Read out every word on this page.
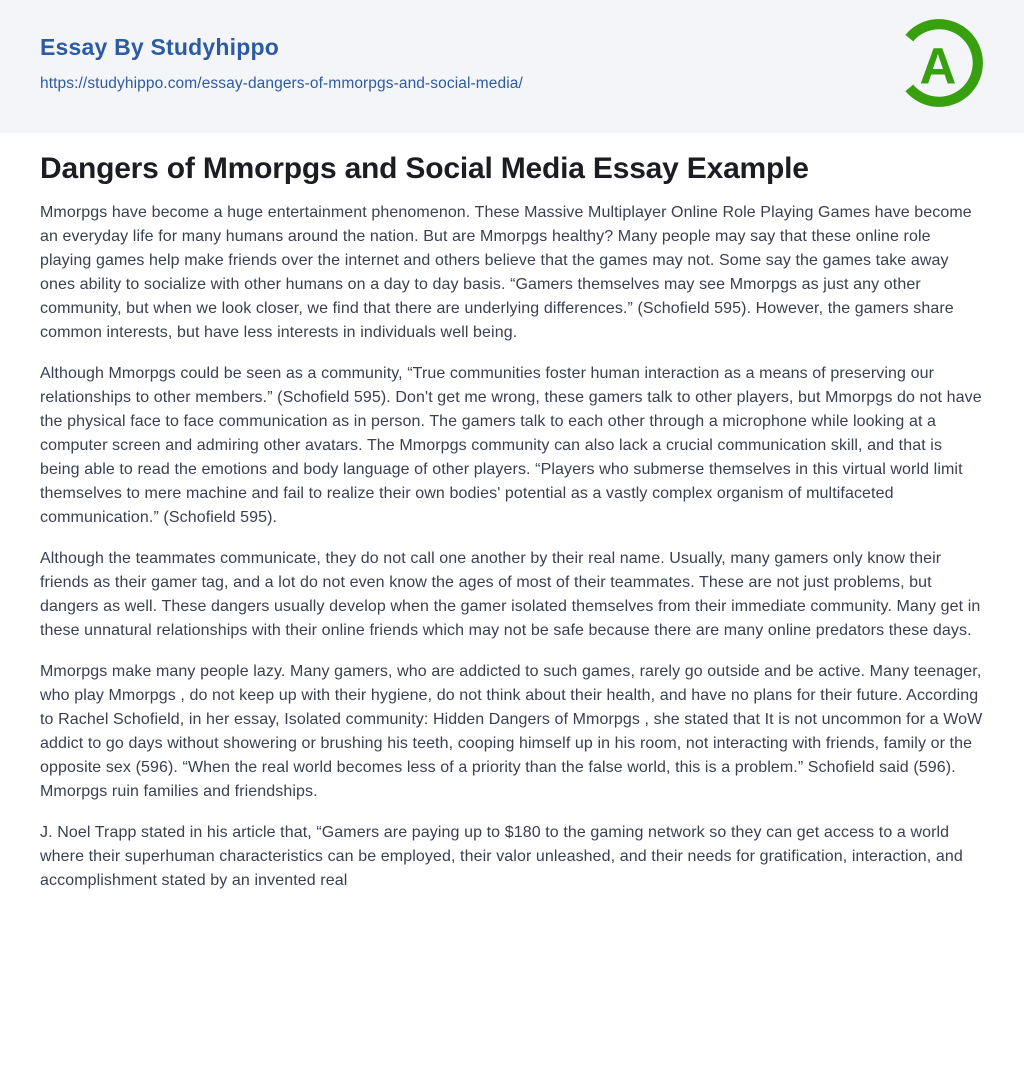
Essay By Studyhippo
https://studyhippo.com/essay-dangers-of-mmorpgs-and-social-media/	A
Dangers of Mmorpgs and Social Media Essay Example

Mmorpgs have become a huge entertainment phenomenon. These Massive Multiplayer Online Role Playing Games have become an everyday life for many humans around the nation. But are Mmorpgs healthy? Many people may say that these online role playing games help make friends over the internet and others believe that the games may not. Some say the games take away ones ability to socialize with other humans on a day to day basis. “Gamers themselves may see Mmorpgs as just any other community, but when we look closer, we find that there are underlying differences.” (Schofield 595). However, the gamers share common interests, but have less interests in individuals well being.

Although Mmorpgs could be seen as a community, “True communities foster human interaction as a means of preserving our relationships to other members.” (Schofield 595). Don't get me wrong, these gamers talk to other players, but Mmorpgs do not have the physical face to face communication as in person. The gamers talk to each other through a microphone while looking at a computer screen and admiring other avatars. The Mmorpgs community can also lack a crucial communication skill, and that is being able to read the emotions and body language of other players. “Players who submerse themselves in this virtual world limit themselves to mere machine and fail to realize their own bodies' potential as a vastly complex organism of multifaceted communication.” (Schofield 595).

Although the teammates communicate, they do not call one another by their real name. Usually, many gamers only know their friends as their gamer tag, and a lot do not even know the ages of most of their teammates. These are not just problems, but dangers as well. These dangers usually develop when the gamer isolated themselves from their immediate community. Many get in these unnatural relationships with their online friends which may not be safe because there are many online predators these days.

Mmorpgs make many people lazy. Many gamers, who are addicted to such games, rarely go outside and be active. Many teenager, who play Mmorpgs , do not keep up with their hygiene, do not think about their health, and have no plans for their future. According to Rachel Schofield, in her essay, Isolated community: Hidden Dangers of Mmorpgs , she stated that It is not uncommon for a WoW addict to go days without showering or brushing his teeth, cooping himself up in his room, not interacting with friends, family or the opposite sex (596). “When the real world becomes less of a priority than the false world, this is a problem.” Schofield said (596). Mmorpgs ruin families and friendships.

J. Noel Trapp stated in his article that, “Gamers are paying up to $180 to the gaming network so they can get access to a world where their superhuman characteristics can be employed, their valor unleashed, and their needs for gratification, interaction, and accomplishment stated by an invented real
